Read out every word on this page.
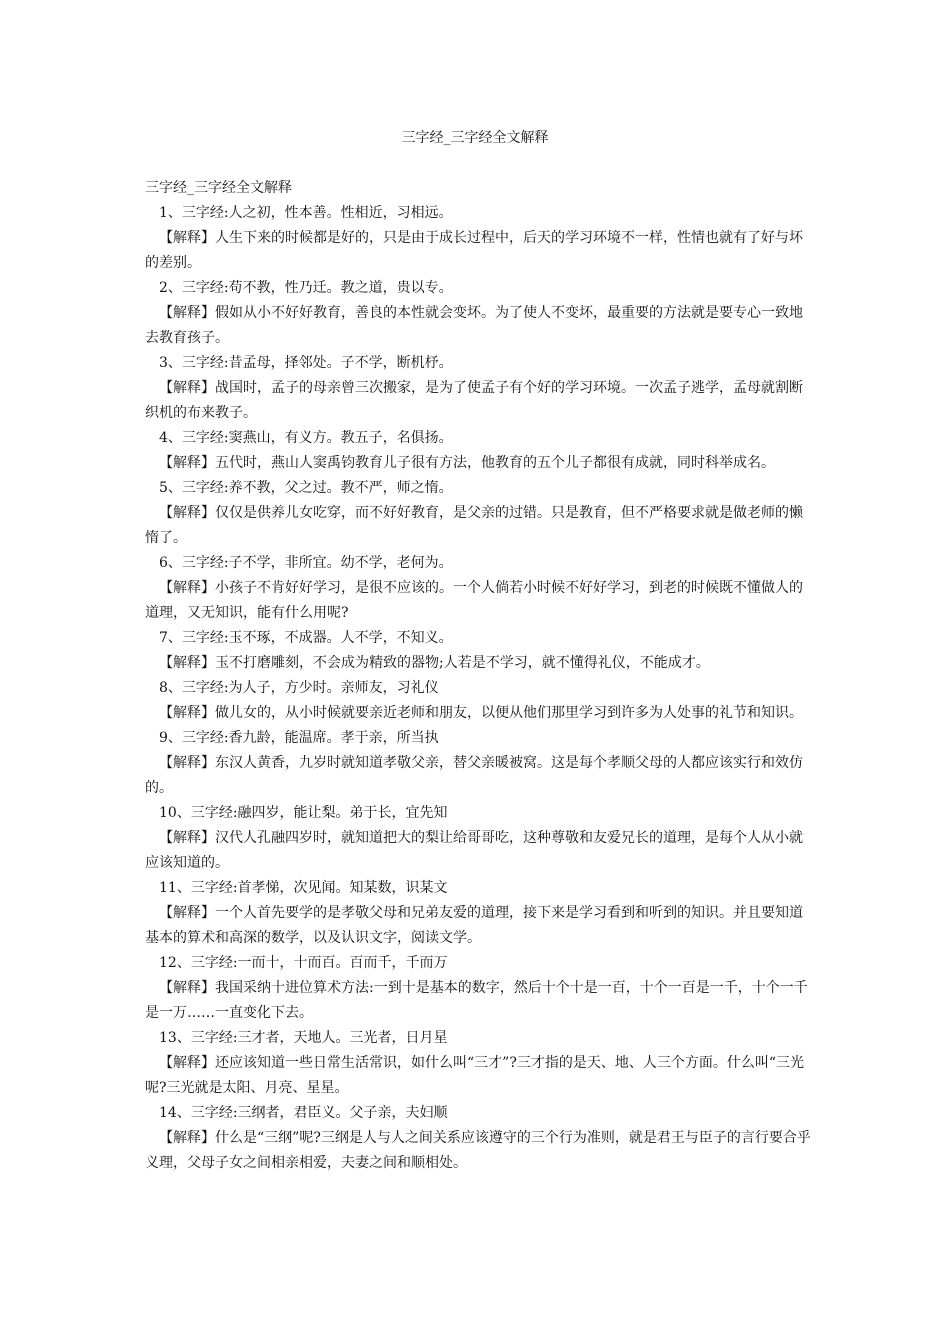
三字经_三字经全文解释

三字经_三字经全文解释

1、三字经:人之初，性本善。性相近，习相远。

【解释】人生下来的时候都是好的，只是由于成长过程中，后天的学习环境不一样，性情也就有了好与坏的差别。

2、三字经:苟不教，性乃迁。教之道，贵以专。

【解释】假如从小不好好教育，善良的本性就会变坏。为了使人不变坏，最重要的方法就是要专心一致地去教育孩子。

3、三字经:昔孟母，择邻处。子不学，断机杼。

【解释】战国时，孟子的母亲曾三次搬家，是为了使孟子有个好的学习环境。一次孟子逃学，孟母就割断织机的布来教子。

4、三字经:窦燕山，有义方。教五子，名俱扬。

【解释】五代时，燕山人窦禹钧教育儿子很有方法，他教育的五个儿子都很有成就，同时科举成名。

5、三字经:养不教，父之过。教不严，师之惰。

【解释】仅仅是供养儿女吃穿，而不好好教育，是父亲的过错。只是教育，但不严格要求就是做老师的懒惰了。

6、三字经:子不学，非所宜。幼不学，老何为。

【解释】小孩子不肯好好学习，是很不应该的。一个人倘若小时候不好好学习，到老的时候既不懂做人的道理，又无知识，能有什么用呢?

7、三字经:玉不琢，不成器。人不学，不知义。

【解释】玉不打磨雕刻，不会成为精致的器物;人若是不学习，就不懂得礼仪，不能成才。

8、三字经:为人子，方少时。亲师友，习礼仪

【解释】做儿女的，从小时候就要亲近老师和朋友，以便从他们那里学习到许多为人处事的礼节和知识。

9、三字经:香九龄，能温席。孝于亲，所当执

【解释】东汉人黄香，九岁时就知道孝敬父亲，替父亲暖被窝。这是每个孝顺父母的人都应该实行和效仿的。

10、三字经:融四岁，能让梨。弟于长，宜先知

【解释】汉代人孔融四岁时，就知道把大的梨让给哥哥吃，这种尊敬和友爱兄长的道理，是每个人从小就应该知道的。

11、三字经:首孝悌，次见闻。知某数，识某文

【解释】一个人首先要学的是孝敬父母和兄弟友爱的道理，接下来是学习看到和听到的知识。并且要知道基本的算术和高深的数学，以及认识文字，阅读文学。

12、三字经:一而十，十而百。百而千，千而万

【解释】我国采纳十进位算术方法:一到十是基本的数字，然后十个十是一百，十个一百是一千，十个一千是一万……一直变化下去。

13、三字经:三才者，天地人。三光者，日月星

【解释】还应该知道一些日常生活常识，如什么叫“三才”?三才指的是天、地、人三个方面。什么叫“三光呢?三光就是太阳、月亮、星星。

14、三字经:三纲者，君臣义。父子亲，夫妇顺

【解释】什么是“三纲”呢?三纲是人与人之间关系应该遵守的三个行为准则，就是君王与臣子的言行要合乎义理，父母子女之间相亲相爱，夫妻之间和顺相处。
